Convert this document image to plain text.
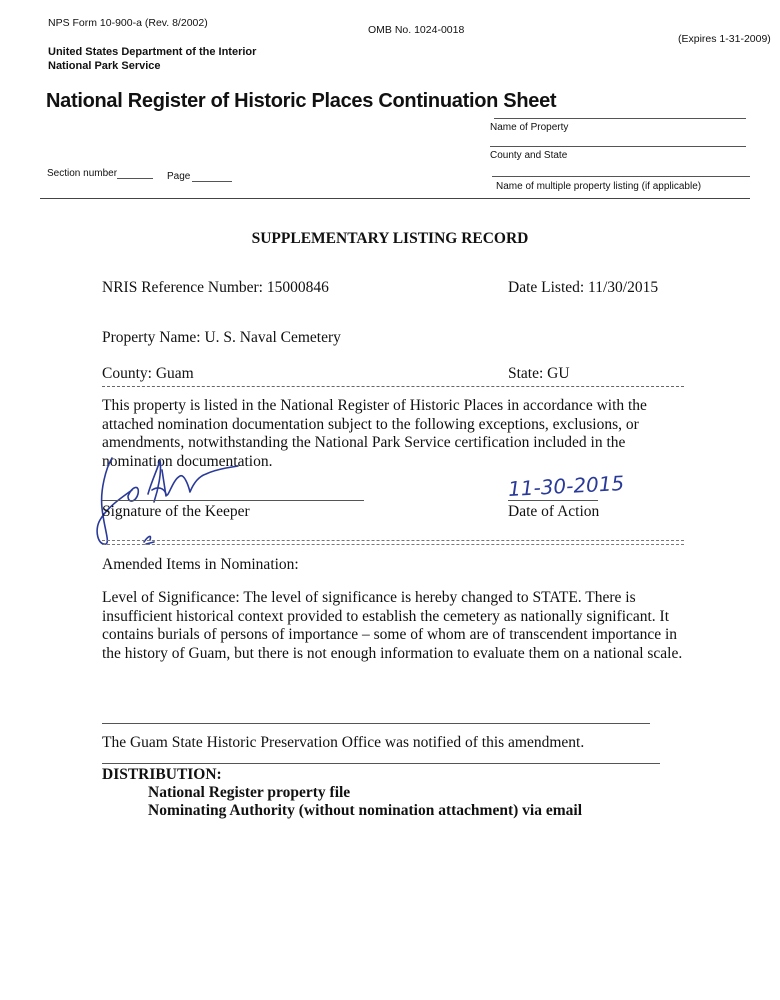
NPS Form 10-900-a (Rev. 8/2002)
OMB No. 1024-0018
(Expires 1-31-2009)
United States Department of the Interior
National Park Service
National Register of Historic Places Continuation Sheet
Name of Property
County and State
Name of multiple property listing (if applicable)
Section number	Page
SUPPLEMENTARY LISTING RECORD
NRIS Reference Number: 15000846	Date Listed: 11/30/2015
Property Name: U. S. Naval Cemetery
County: Guam	State: GU
This property is listed in the National Register of Historic Places in accordance with the attached nomination documentation subject to the following exceptions, exclusions, or amendments, notwithstanding the National Park Service certification included in the nomination documentation.
Signature of the Keeper
11-30-2015
Date of Action
Amended Items in Nomination:
Level of Significance: The level of significance is hereby changed to STATE. There is insufficient historical context provided to establish the cemetery as nationally significant. It contains burials of persons of importance – some of whom are of transcendent importance in the history of Guam, but there is not enough information to evaluate them on a national scale.
The Guam State Historic Preservation Office was notified of this amendment.
DISTRIBUTION:
National Register property file
Nominating Authority (without nomination attachment) via email
